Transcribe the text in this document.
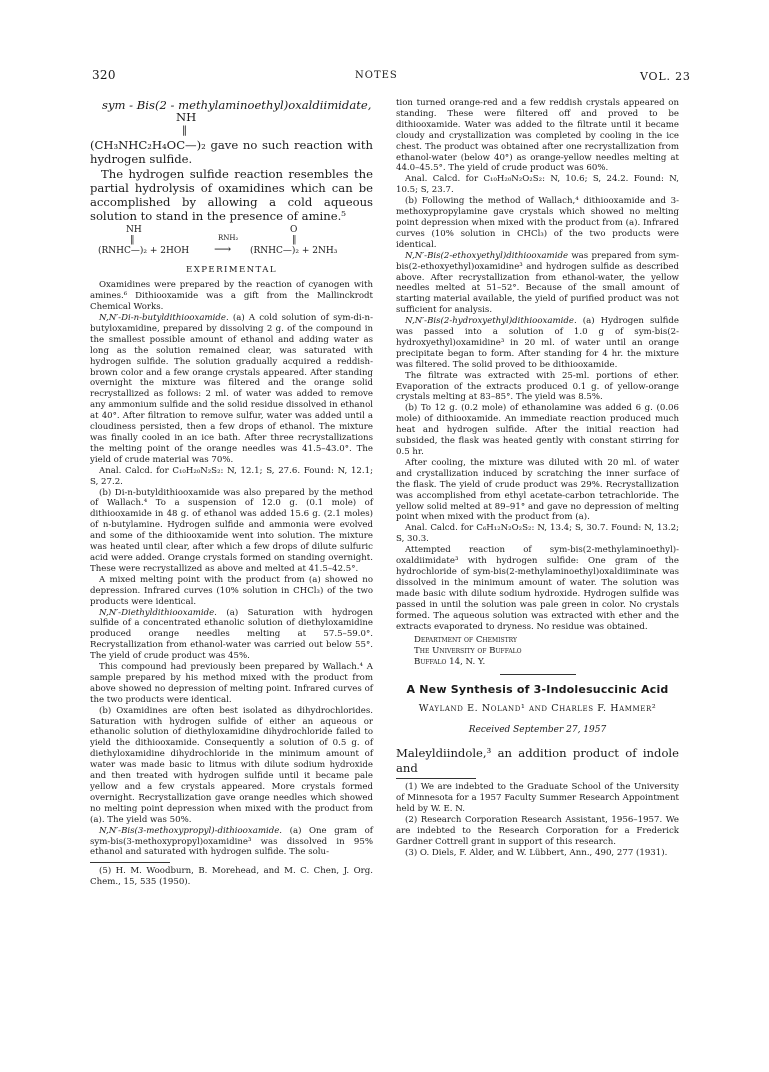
320	NOTES	VOL. 23

sym - Bis(2 - methylaminoethyl)oxaldiimidate,

NH
‖

(CH₃NHC₂H₄OC—)₂ gave no such reaction with hydrogen sulfide.

The hydrogen sulfide reaction resembles the partial hydrolysis of oxamidines which can be accomplished by allowing a cold aqueous solution to stand in the presence of amine.⁵

NH	O
‖	‖
RNH₂
(RNHC—)₂ + 2HOH ⟶ (RNHC—)₂ + 2NH₃
EXPERIMENTAL

Oxamidines were prepared by the reaction of cyanogen with amines.⁶ Dithiooxamide was a gift from the Mallinckrodt Chemical Works.

N,N′-Di-n-butyldithiooxamide. (a) A cold solution of sym-di-n-butyloxamidine, prepared by dissolving 2 g. of the compound in the smallest possible amount of ethanol and adding water as long as the solution remained clear, was saturated with hydrogen sulfide. The solution gradually acquired a reddish-brown color and a few orange crystals appeared. After standing overnight the mixture was filtered and the orange solid recrystallized as follows: 2 ml. of water was added to remove any ammonium sulfide and the solid residue dissolved in ethanol at 40°. After filtration to remove sulfur, water was added until a cloudiness persisted, then a few drops of ethanol. The mixture was finally cooled in an ice bath. After three recrystallizations the melting point of the orange needles was 41.5–43.0°. The yield of crude material was 70%.

Anal. Calcd. for C₁₀H₂₀N₂S₂: N, 12.1; S, 27.6. Found: N, 12.1; S, 27.2.

(b) Di-n-butyldithiooxamide was also prepared by the method of Wallach.⁴ To a suspension of 12.0 g. (0.1 mole) of dithiooxamide in 48 g. of ethanol was added 15.6 g. (2.1 moles) of n-butylamine. Hydrogen sulfide and ammonia were evolved and some of the dithiooxamide went into solution. The mixture was heated until clear, after which a few drops of dilute sulfuric acid were added. Orange crystals formed on standing overnight. These were recrystallized as above and melted at 41.5–42.5°.

A mixed melting point with the product from (a) showed no depression. Infrared curves (10% solution in CHCl₃) of the two products were identical.

N,N′-Diethyldithiooxamide. (a) Saturation with hydrogen sulfide of a concentrated ethanolic solution of diethyloxamidine produced orange needles melting at 57.5–59.0°. Recrystallization from ethanol-water was carried out below 55°. The yield of crude product was 45%.

This compound had previously been prepared by Wallach.⁴ A sample prepared by his method mixed with the product from above showed no depression of melting point. Infrared curves of the two products were identical.

(b) Oxamidines are often best isolated as dihydrochlorides. Saturation with hydrogen sulfide of either an aqueous or ethanolic solution of diethyloxamidine dihydrochloride failed to yield the dithiooxamide. Consequently a solution of 0.5 g. of diethyloxamidine dihydrochloride in the minimum amount of water was made basic to litmus with dilute sodium hydroxide and then treated with hydrogen sulfide until it became pale yellow and a few crystals appeared. More crystals formed overnight. Recrystallization gave orange needles which showed no melting point depression when mixed with the product from (a). The yield was 50%.

N,N′-Bis(3-methoxypropyl)-dithiooxamide. (a) One gram of sym-bis(3-methoxypropyl)oxamidine³ was dissolved in 95% ethanol and saturated with hydrogen sulfide. The solu-

(5) H. M. Woodburn, B. Morehead, and M. C. Chen, J. Org. Chem., 15, 535 (1950).

tion turned orange-red and a few reddish crystals appeared on standing. These were filtered off and proved to be dithiooxamide. Water was added to the filtrate until it became cloudy and crystallization was completed by cooling in the ice chest. The product was obtained after one recrystallization from ethanol-water (below 40°) as orange-yellow needles melting at 44.0–45.5°. The yield of crude product was 60%.

Anal. Calcd. for C₁₀H₂₀N₂O₂S₂: N, 10.6; S, 24.2. Found: N, 10.5; S, 23.7.

(b) Following the method of Wallach,⁴ dithiooxamide and 3-methoxypropylamine gave crystals which showed no melting point depression when mixed with the product from (a). Infrared curves (10% solution in CHCl₃) of the two products were identical.

N,N′-Bis(2-ethoxyethyl)dithiooxamide was prepared from sym-bis(2-ethoxyethyl)oxamidine³ and hydrogen sulfide as described above. After recrystallization from ethanol-water, the yellow needles melted at 51–52°. Because of the small amount of starting material available, the yield of purified product was not sufficient for analysis.

N,N′-Bis(2-hydroxyethyl)dithiooxamide. (a) Hydrogen sulfide was passed into a solution of 1.0 g of sym-bis(2-hydroxyethyl)oxamidine³ in 20 ml. of water until an orange precipitate began to form. After standing for 4 hr. the mixture was filtered. The solid proved to be dithiooxamide.

The filtrate was extracted with 25-ml. portions of ether. Evaporation of the extracts produced 0.1 g. of yellow-orange crystals melting at 83–85°. The yield was 8.5%.

(b) To 12 g. (0.2 mole) of ethanolamine was added 6 g. (0.06 mole) of dithiooxamide. An immediate reaction produced much heat and hydrogen sulfide. After the initial reaction had subsided, the flask was heated gently with constant stirring for 0.5 hr.

After cooling, the mixture was diluted with 20 ml. of water and crystallization induced by scratching the inner surface of the flask. The yield of crude product was 29%. Recrystallization was accomplished from ethyl acetate-carbon tetrachloride. The yellow solid melted at 89–91° and gave no depression of melting point when mixed with the product from (a).

Anal. Calcd. for C₆H₁₂N₂O₂S₂: N, 13.4; S, 30.7. Found: N, 13.2; S, 30.3.

Attempted reaction of sym-bis(2-methylaminoethyl)-oxaldiimidate³ with hydrogen sulfide: One gram of the hydrochloride of sym-bis(2-methylaminoethyl)oxaldiiminate was dissolved in the minimum amount of water. The solution was made basic with dilute sodium hydroxide. Hydrogen sulfide was passed in until the solution was pale green in color. No crystals formed. The aqueous solution was extracted with ether and the extracts evaporated to dryness. No residue was obtained.

Department of Chemistry

The University of Buffalo

Buffalo 14, N. Y.

A New Synthesis of 3-Indolesuccinic Acid
Wayland E. Noland¹ and Charles F. Hammer²
Received September 27, 1957

Maleyldiindole,³ an addition product of indole and

(1) We are indebted to the Graduate School of the University of Minnesota for a 1957 Faculty Summer Research Appointment held by W. E. N.

(2) Research Corporation Research Assistant, 1956–1957. We are indebted to the Research Corporation for a Frederick Gardner Cottrell grant in support of this research.

(3) O. Diels, F. Alder, and W. Lübbert, Ann., 490, 277 (1931).
